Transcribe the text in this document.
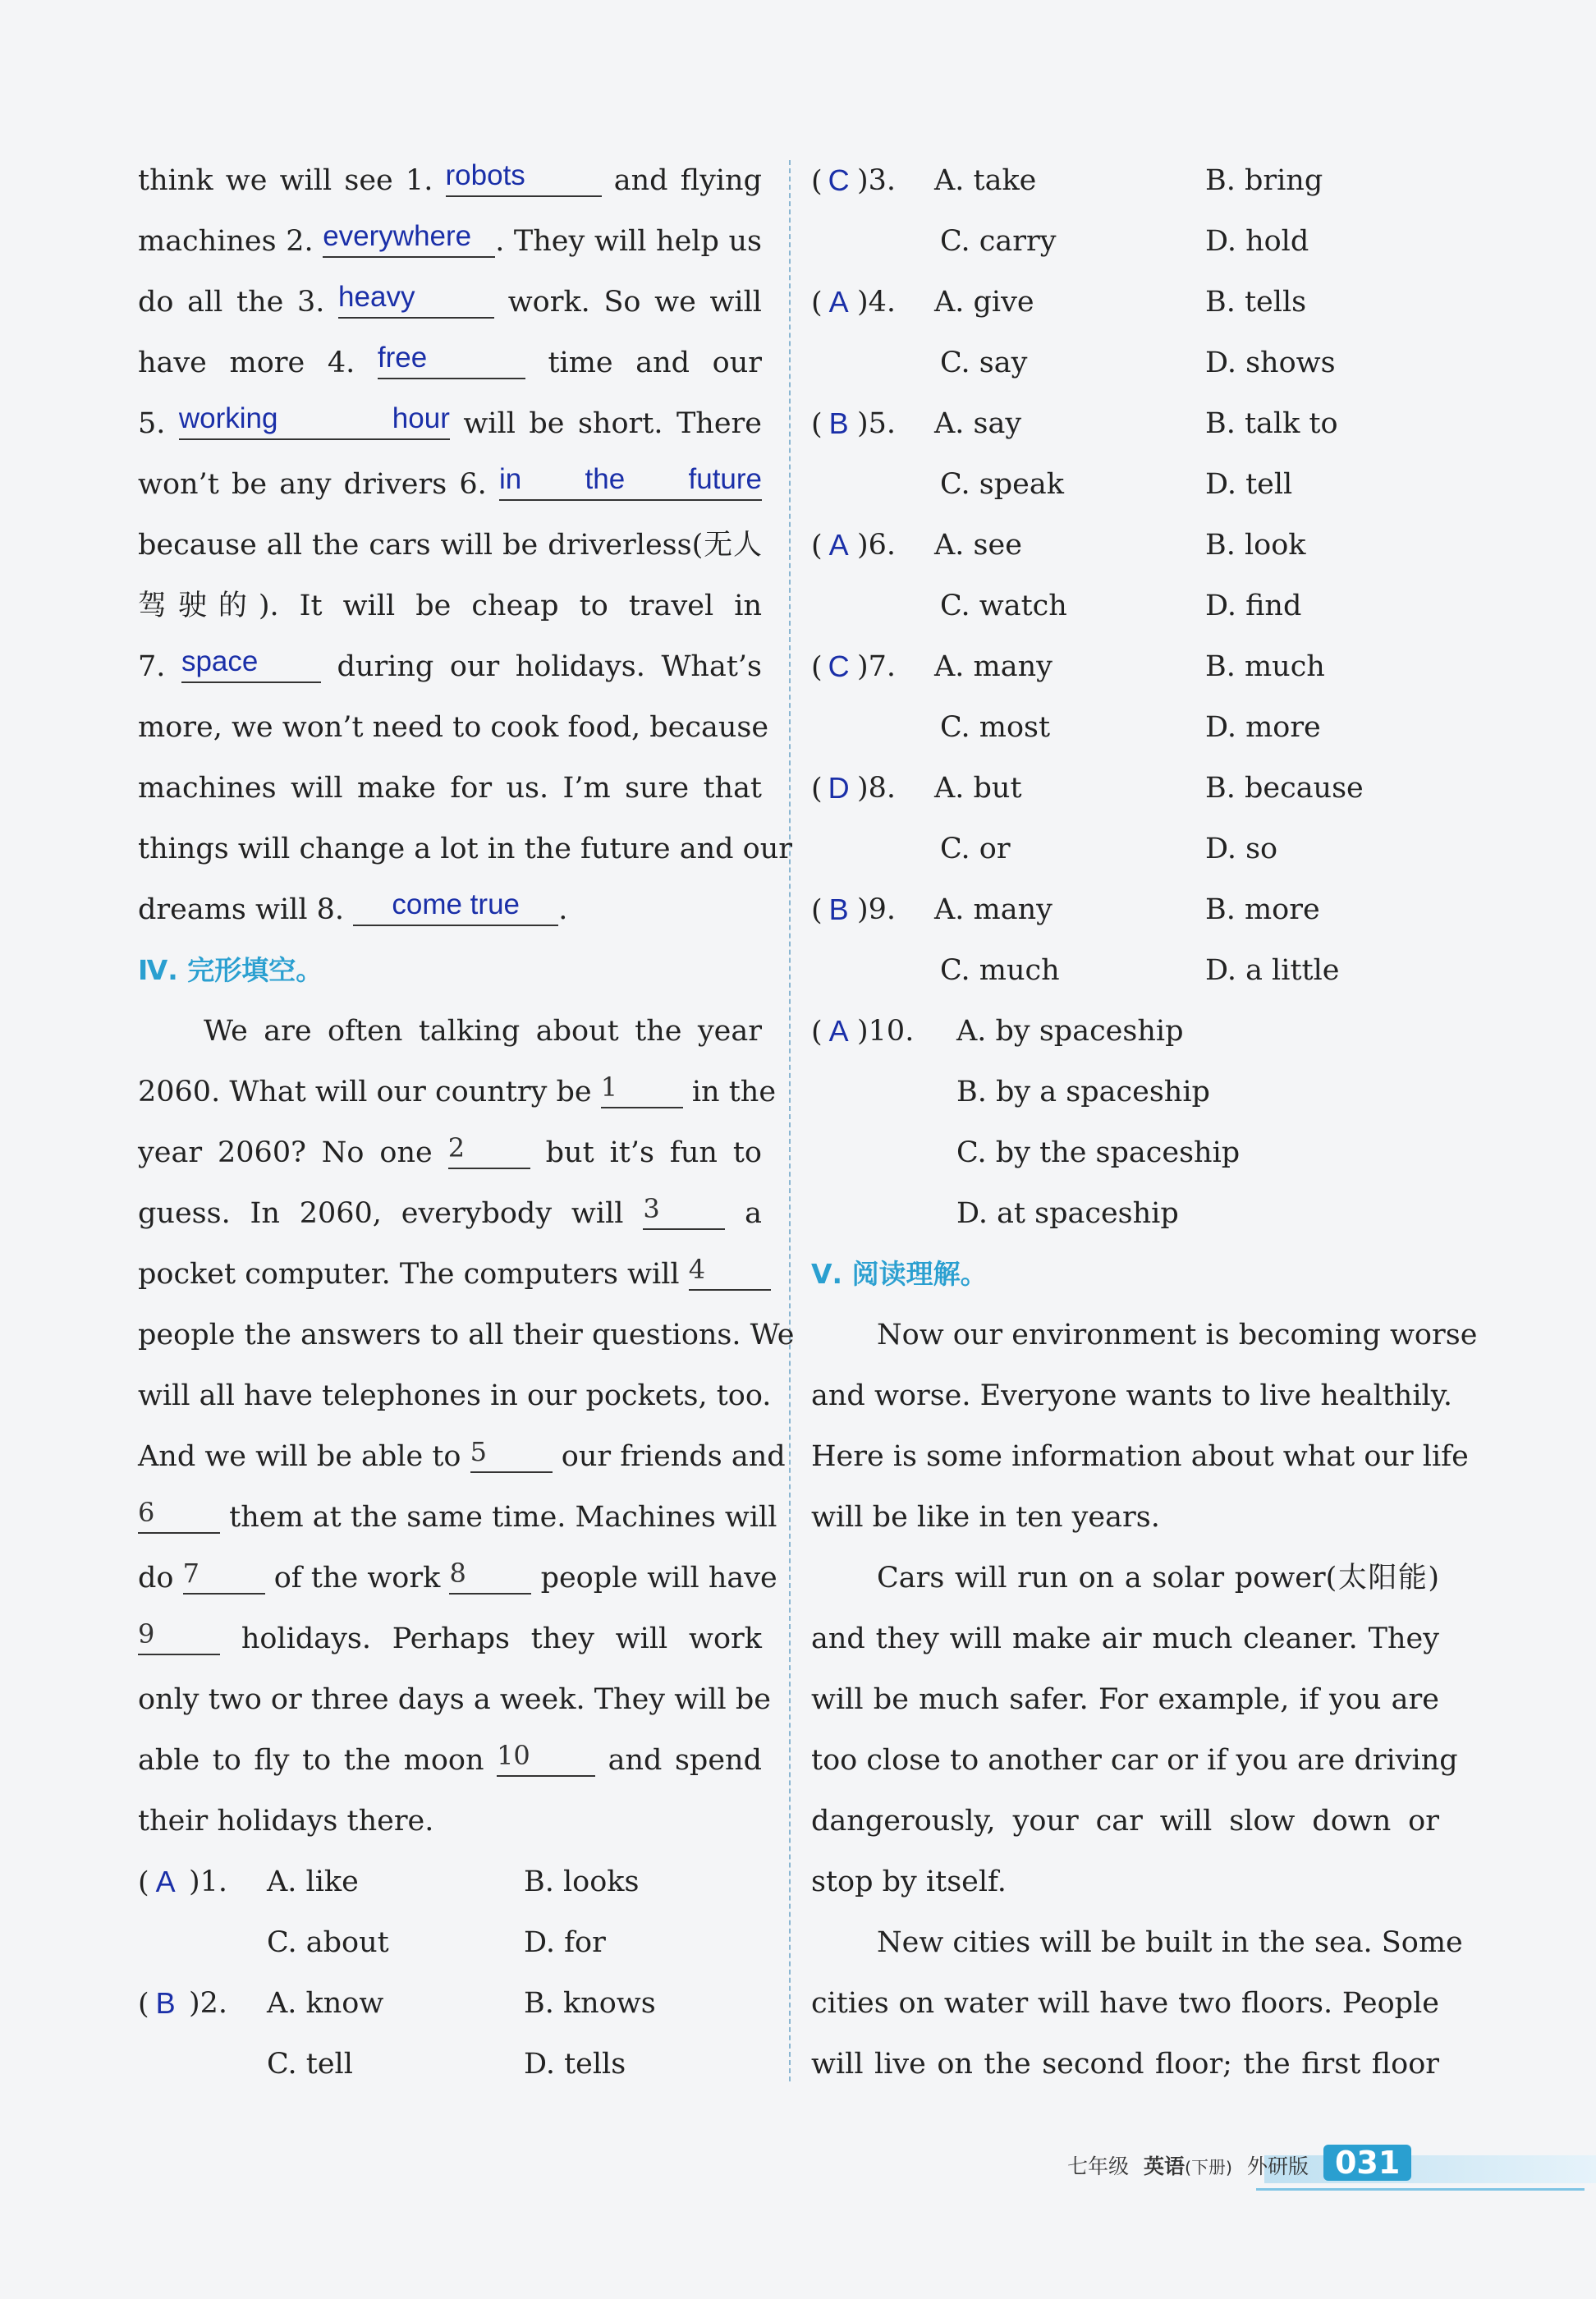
think we will see 1. robots	and flying
machines 2. everywhere . They will help us
do all the 3. heavy	work. So we will
have more 4. free	time and our
5. working hour will be short. There
won’t be any drivers 6. in the future
because all the cars will be driverless(无人
驾驶的). It will be cheap to travel in
7. space during our holidays. What’s
more, we won’t need to cook food, because
machines will make for us. I’m sure that
things will change a lot in the future and our
dreams will 8. come true .
Ⅳ. 完形填空。
We are often talking about the year
2060. What will our country be 1 in the
year 2060? No one 2 but it’s fun to
guess. In 2060, everybody will 3 a
pocket computer. The computers will 4
people the answers to all their questions. We
will all have telephones in our pockets, too.
And we will be able to 5 our friends and
6 them at the same time. Machines will
do 7 of the work 8 people will have
9 holidays. Perhaps they will work
only two or three days a week. They will be
able to fly to the moon 10 and spend
their holidays there.
( A )1. A. like	B. looks
C. about	D. for
( B )2. A. know	B. knows
C. tell	D. tells
( C )3. A. take	B. bring
C. carry	D. hold
( A )4. A. give	B. tells
C. say	D. shows
( B )5. A. say	B. talk to
C. speak	D. tell
( A )6. A. see	B. look
C. watch	D. find
( C )7. A. many	B. much
C. most	D. more
( D )8. A. but	B. because
C. or	D. so
( B )9. A. many	B. more
C. much	D. a little
( A )10. A. by spaceship
B. by a spaceship
C. by the spaceship
D. at spaceship
Ⅴ. 阅读理解。
Now our environment is becoming worse
and worse. Everyone wants to live healthily.
Here is some information about what our life
will be like in ten years.
Cars will run on a solar power(太阳能)
and they will make air much cleaner. They
will be much safer. For example, if you are
too close to another car or if you are driving
dangerously, your car will slow down or
stop by itself.
New cities will be built in the sea. Some
cities on water will have two floors. People
will live on the second floor; the first floor
七年级 英语(下册) 外研版 031
